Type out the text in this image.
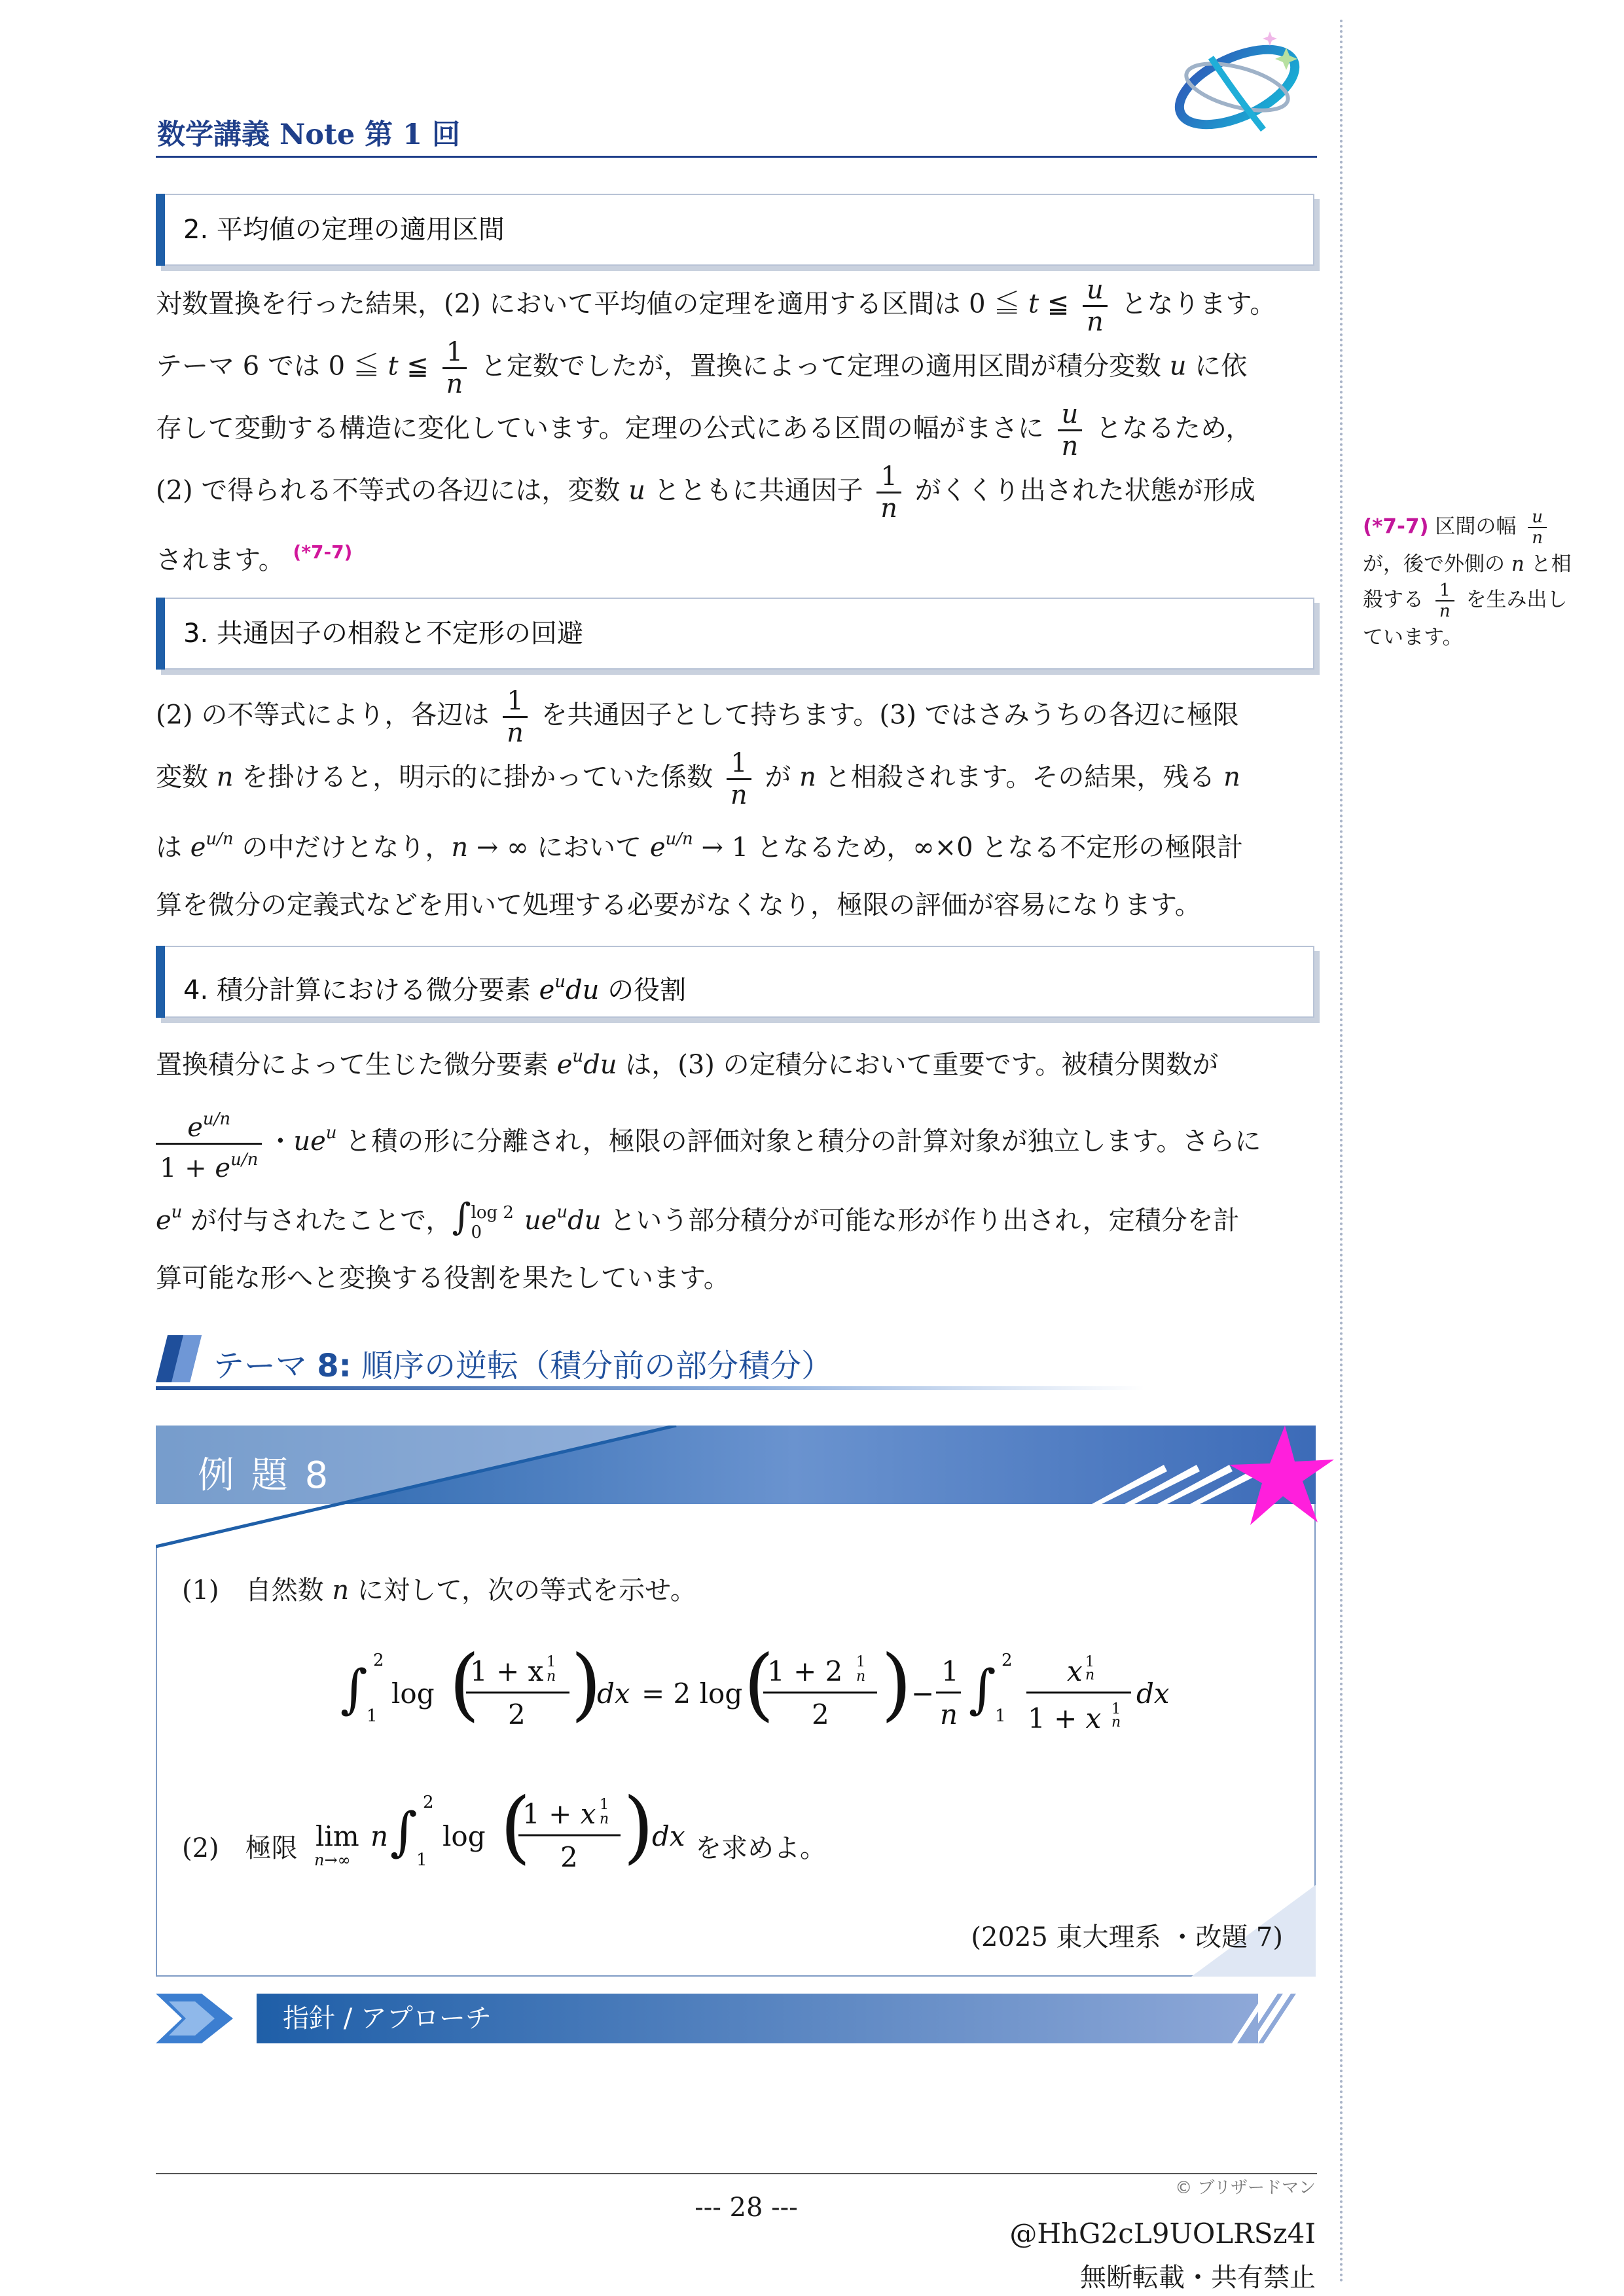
数学講義 Note 第 1 回
2. 平均値の定理の適用区間

対数置換を行った結果，(2) において平均値の定理を適用する区間は 0 ≦ t ≦ $\frac{u}{n}$ となります。

テーマ 6 では 0 ≦ t ≦ $\frac{1}{n}$ と定数でしたが，置換によって定理の適用区間が積分変数 u に依

存して変動する構造に変化しています。定理の公式にある区間の幅がまさに $\frac{u}{n}$ となるため，

(2) で得られる不等式の各辺には，変数 u とともに共通因子 $\frac{1}{n}$ がくくり出された状態が形成

されます。 $^{(*7-7)}$

(*7-7) 区間の幅 $\frac{u}{n}$
が，後で外側の n と相
殺する $\frac{1}{n}$ を生み出し
ています。
3. 共通因子の相殺と不定形の回避

(2) の不等式により，各辺は $\frac{1}{n}$ を共通因子として持ちます。(3) ではさみうちの各辺に極限

変数 n を掛けると，明示的に掛かっていた係数 $\frac{1}{n}$ が n と相殺されます。その結果，残る n

は $e^{u/n}$ の中だけとなり，n → ∞ において $e^{u/n} \to 1$ となるため，∞×0 となる不定形の極限計

算を微分の定義式などを用いて処理する必要がなくなり，極限の評価が容易になります。

4. 積分計算における微分要素 $e^udu$ の役割

置換積分によって生じた微分要素 $e^udu$ は，(3) の定積分において重要です。被積分関数が

$\frac{e^{u/n}}{1 + e^{u/n}}$ ・$ue^u$ と積の形に分離され，極限の評価対象と積分の計算対象が独立します。さらに

$e^u$ が付与されたことで，∫ log 2
0	$ue^udu$ という部分積分が可能な形が作り出され，定積分を計

算可能な形へと変換する役割を果たしています。

テーマ 8: 順序の逆転（積分前の部分積分）
例 題 8
(1)　自然数 n に対して，次の等式を示せ。
∫ 2
1
log (
1 + x 1
n
2 )
dx = 2 log (
1 + 2 1
n
2 ) −
1
n ∫ 2
1
x 1
n
1 + x 1
n
dx
(2)　極限 lim
n→∞
n ∫ 2
1
log (
1 + x 1
n
2 )
dx を求めよ。
(2025 東大理系 ・改題 7)
指針 / アプローチ
© ブリザードマン
--- 28 ---
@HhG2cL9UOLRSz4I
無断転載・共有禁止
